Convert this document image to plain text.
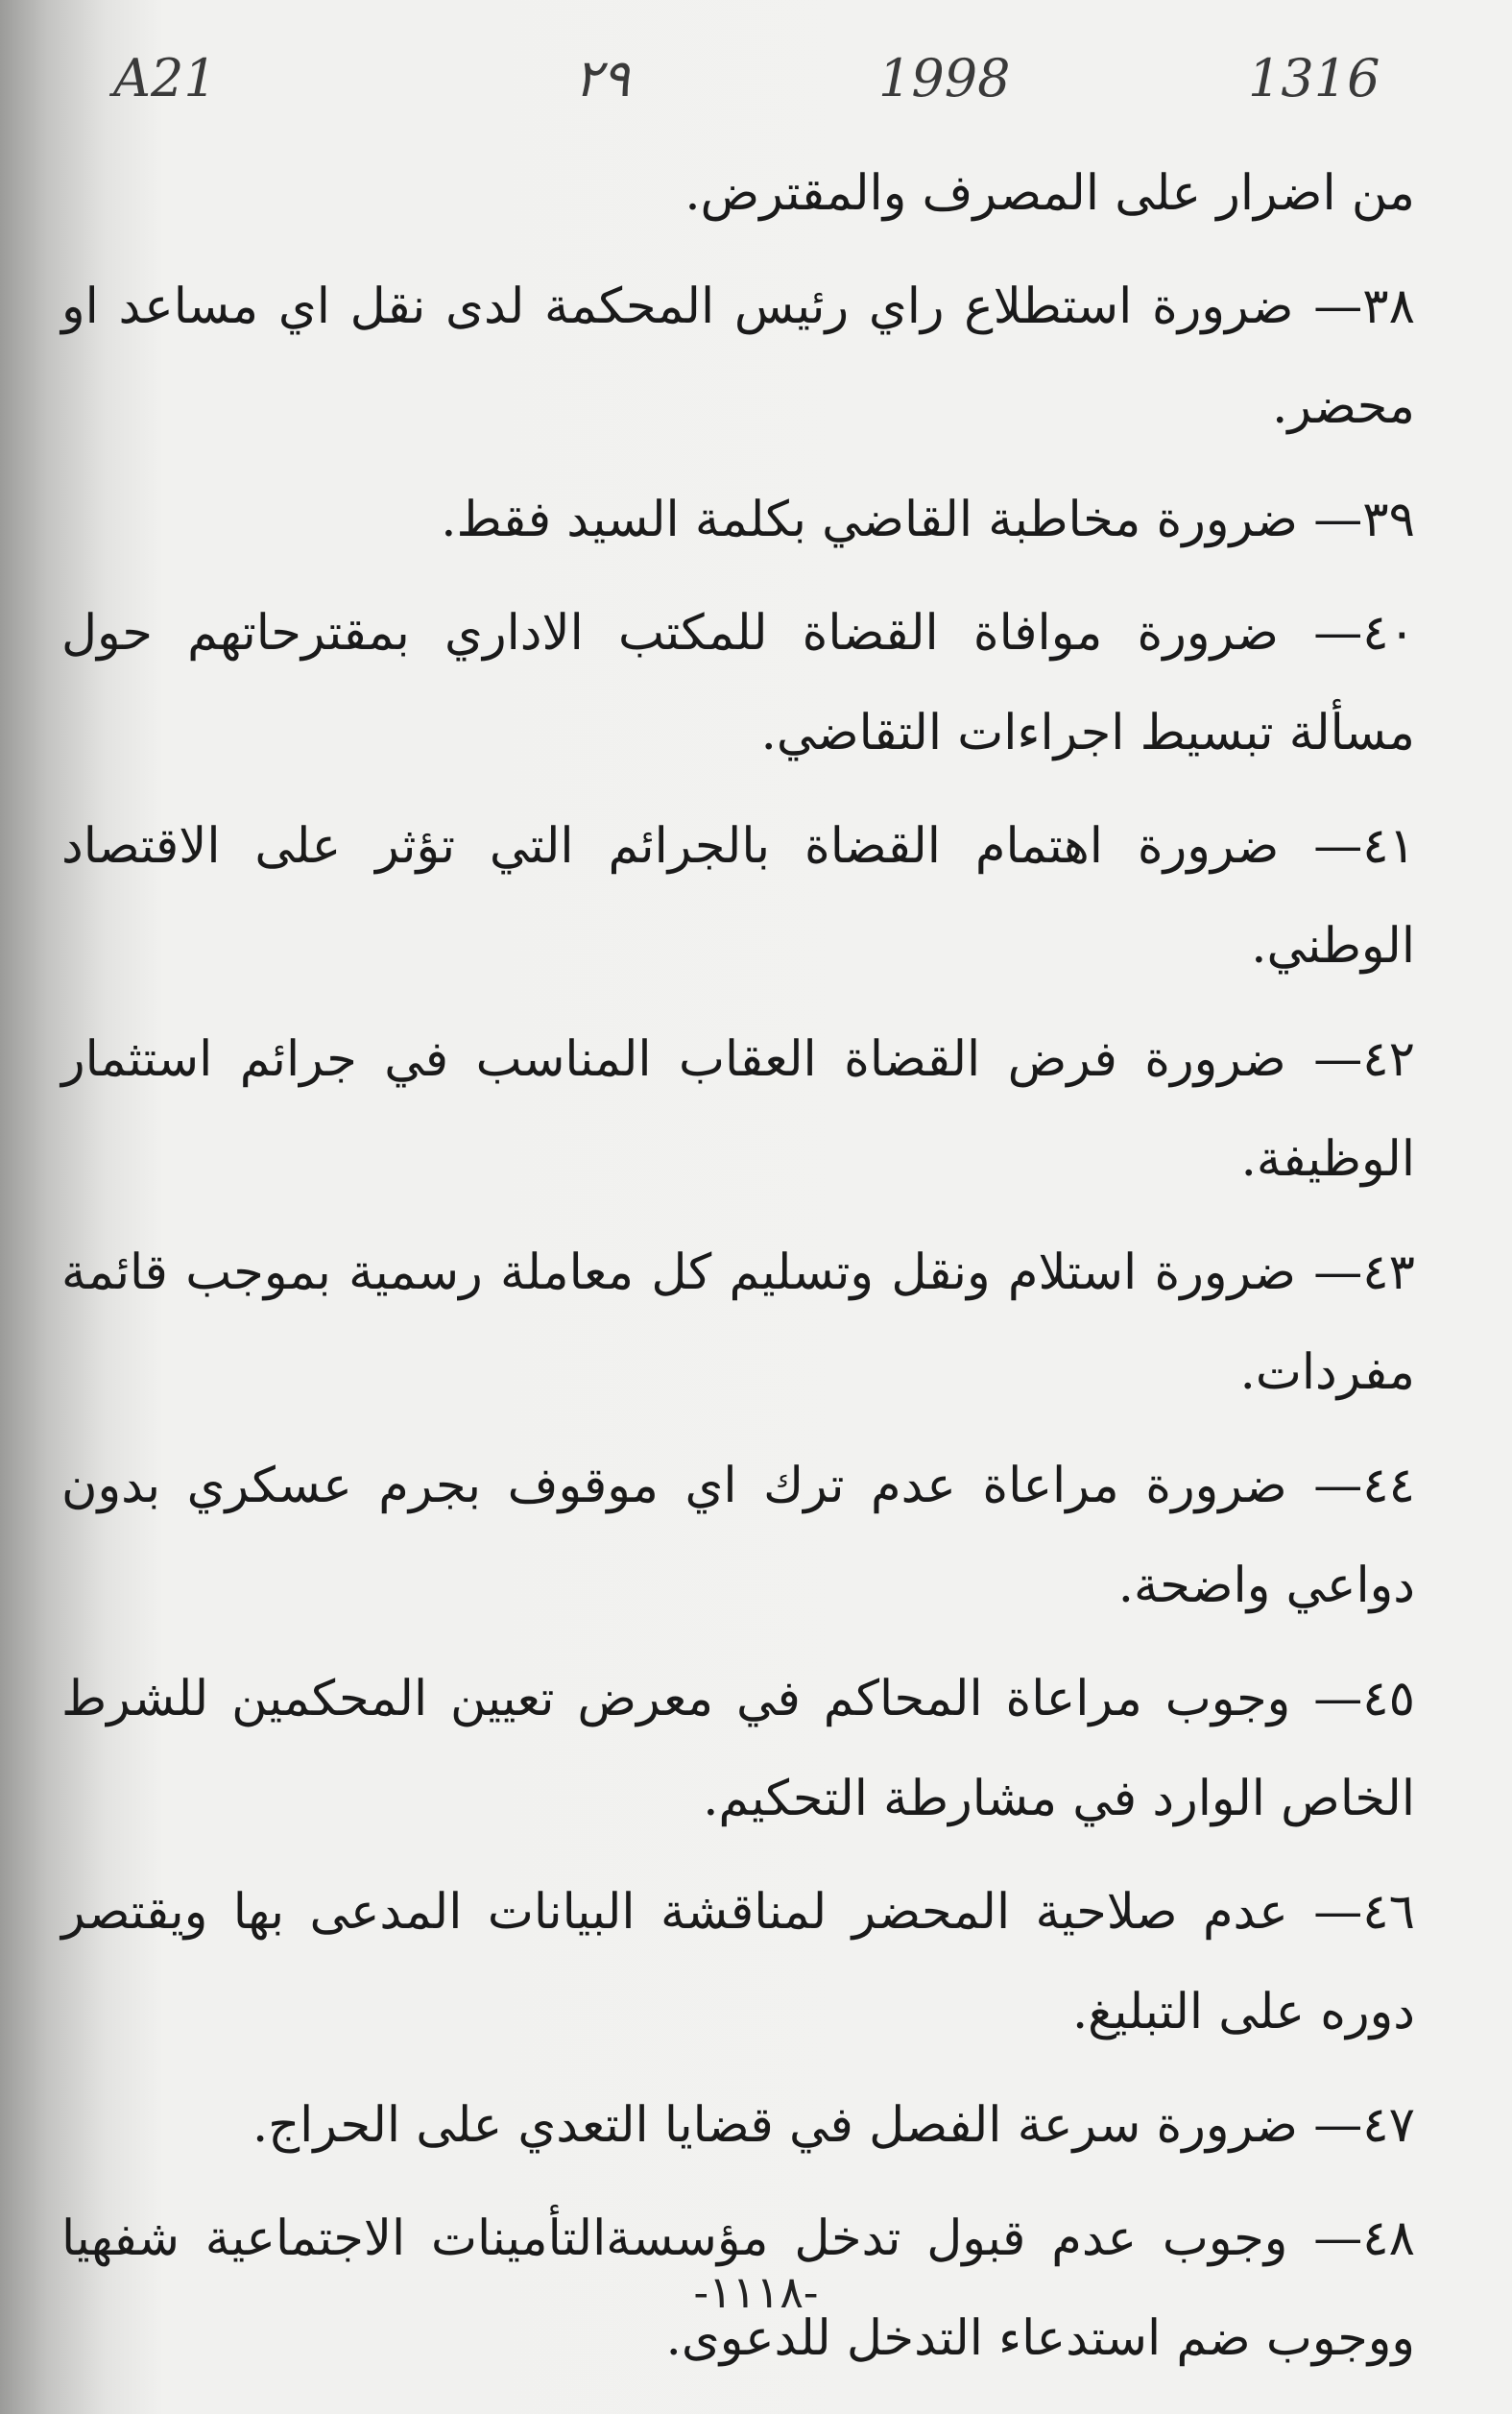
A21	٢٩	1998	1316

من اضرار على المصرف والمقترض.

٣٨— ضرورة استطلاع راي رئيس المحكمة لدى نقل اي مساعد او محضر.

٣٩— ضرورة مخاطبة القاضي بكلمة السيد فقط.

٤٠— ضرورة موافاة القضاة للمكتب الاداري بمقترحاتهم حول مسألة تبسيط اجراءات التقاضي.

٤١— ضرورة اهتمام القضاة بالجرائم التي تؤثر على الاقتصاد الوطني.

٤٢— ضرورة فرض القضاة العقاب المناسب في جرائم استثمار الوظيفة.

٤٣— ضرورة استلام ونقل وتسليم كل معاملة رسمية بموجب قائمة مفردات.

٤٤— ضرورة مراعاة عدم ترك اي موقوف بجرم عسكري بدون دواعي واضحة.

٤٥— وجوب مراعاة المحاكم في معرض تعيين المحكمين للشرط الخاص الوارد في مشارطة التحكيم.

٤٦— عدم صلاحية المحضر لمناقشة البيانات المدعى بها ويقتصر دوره على التبليغ.

٤٧— ضرورة سرعة الفصل في قضايا التعدي على الحراج.

٤٨— وجوب عدم قبول تدخل مؤسسةالتأمينات الاجتماعية شفهيا ووجوب ضم استدعاء التدخل للدعوى.

-١١١٨-
